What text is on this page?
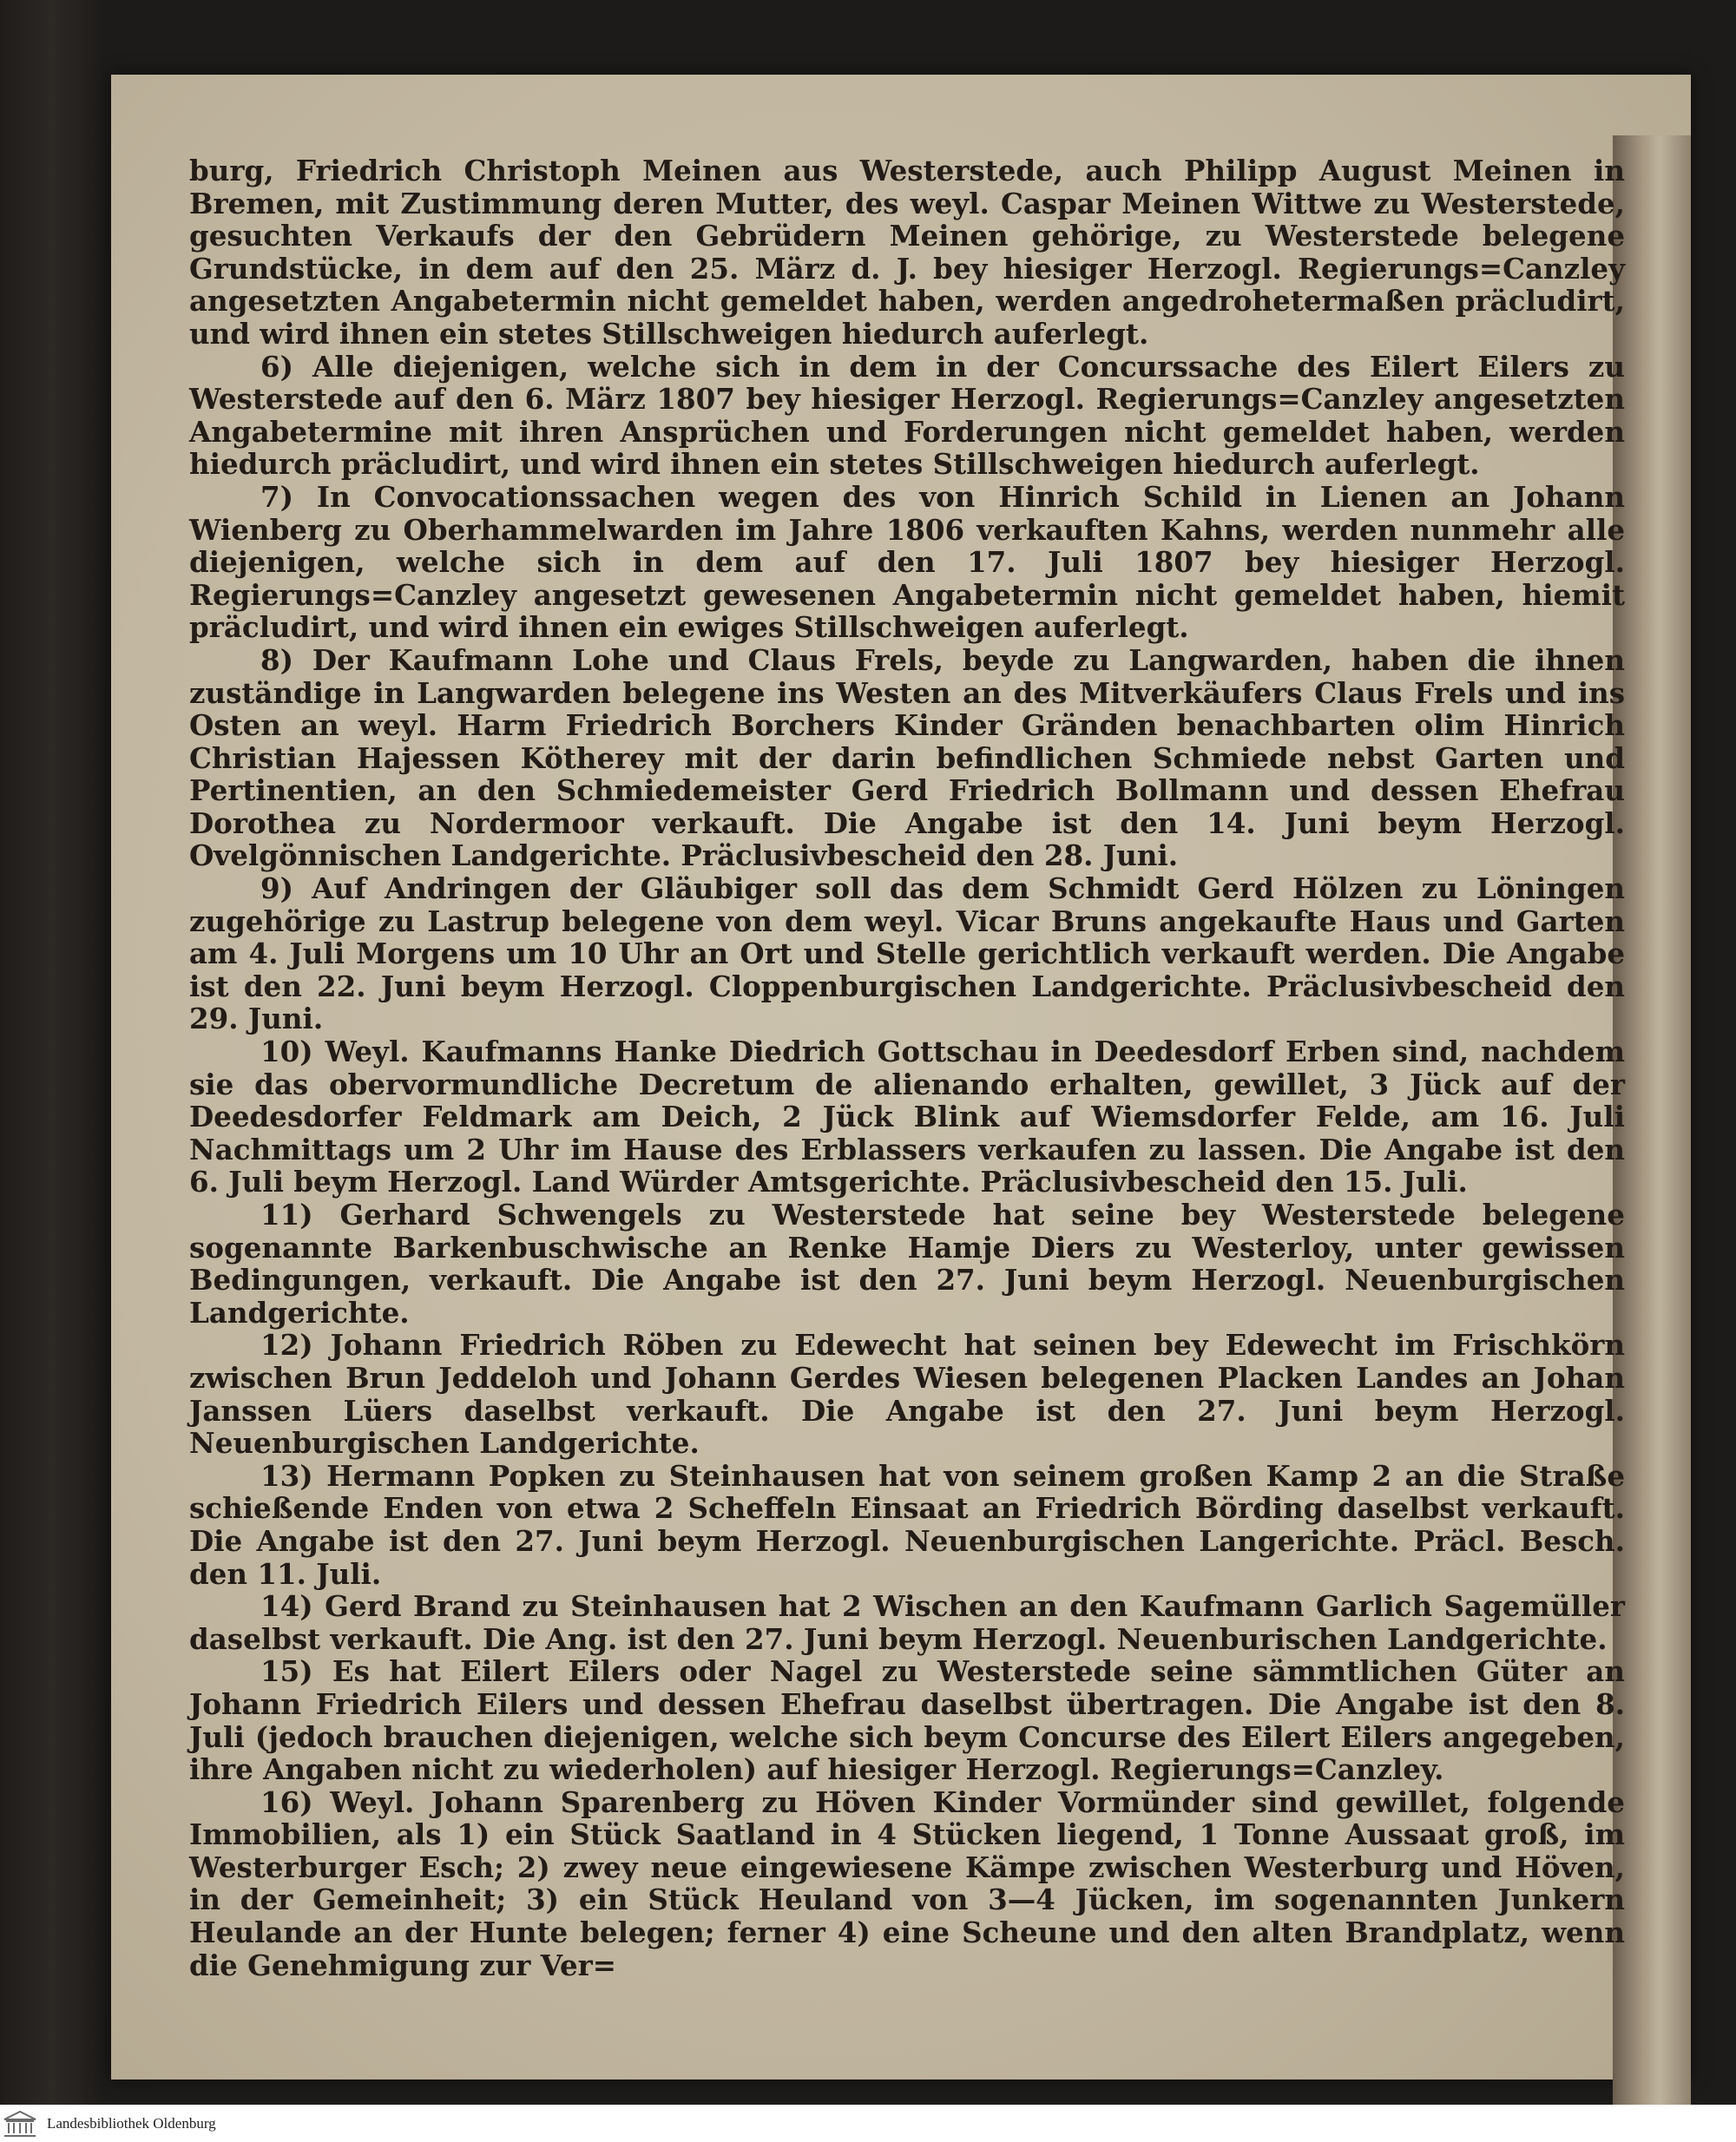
burg, Friedrich Christoph Meinen aus Westerstede, auch Philipp August Meinen in Bremen, mit Zustimmung deren Mutter, des weyl. Caspar Meinen Wittwe zu Westerstede, gesuchten Verkaufs der den Gebrüdern Meinen gehörige, zu Westerstede belegene Grundstücke, in dem auf den 25. März d. J. bey hiesiger Herzogl. Regierungs=Canzley angesetzten Angabetermin nicht gemeldet haben, werden angedrohetermaßen präcludirt, und wird ihnen ein stetes Stillschweigen hiedurch auferlegt.

6) Alle diejenigen, welche sich in dem in der Concurssache des Eilert Eilers zu Westerstede auf den 6. März 1807 bey hiesiger Herzogl. Regierungs=Canzley angesetzten Angabetermine mit ihren Ansprüchen und Forderungen nicht gemeldet haben, werden hiedurch präcludirt, und wird ihnen ein stetes Stillschweigen hiedurch auferlegt.

7) In Convocationssachen wegen des von Hinrich Schild in Lienen an Johann Wienberg zu Oberhammelwarden im Jahre 1806 verkauften Kahns, werden nunmehr alle diejenigen, welche sich in dem auf den 17. Juli 1807 bey hiesiger Herzogl. Regierungs=Canzley angesetzt gewesenen Angabetermin nicht gemeldet haben, hiemit präcludirt, und wird ihnen ein ewiges Stillschweigen auferlegt.

8) Der Kaufmann Lohe und Claus Frels, beyde zu Langwarden, haben die ihnen zuständige in Langwarden belegene ins Westen an des Mitverkäufers Claus Frels und ins Osten an weyl. Harm Friedrich Borchers Kinder Gränden benachbarten olim Hinrich Christian Hajessen Kötherey mit der darin befindlichen Schmiede nebst Garten und Pertinentien, an den Schmiedemeister Gerd Friedrich Bollmann und dessen Ehefrau Dorothea zu Nordermoor verkauft. Die Angabe ist den 14. Juni beym Herzogl. Ovelgönnischen Landgerichte. Präclusivbescheid den 28. Juni.

9) Auf Andringen der Gläubiger soll das dem Schmidt Gerd Hölzen zu Löningen zugehörige zu Lastrup belegene von dem weyl. Vicar Bruns angekaufte Haus und Garten am 4. Juli Morgens um 10 Uhr an Ort und Stelle gerichtlich verkauft werden. Die Angabe ist den 22. Juni beym Herzogl. Cloppenburgischen Landgerichte. Präclusivbescheid den 29. Juni.

10) Weyl. Kaufmanns Hanke Diedrich Gottschau in Deedesdorf Erben sind, nachdem sie das obervormundliche Decretum de alienando erhalten, gewillet, 3 Jück auf der Deedesdorfer Feldmark am Deich, 2 Jück Blink auf Wiemsdorfer Felde, am 16. Juli Nachmittags um 2 Uhr im Hause des Erblassers verkaufen zu lassen. Die Angabe ist den 6. Juli beym Herzogl. Land Würder Amtsgerichte. Präclusivbescheid den 15. Juli.

11) Gerhard Schwengels zu Westerstede hat seine bey Westerstede belegene sogenannte Barkenbuschwische an Renke Hamje Diers zu Westerloy, unter gewissen Bedingungen, verkauft. Die Angabe ist den 27. Juni beym Herzogl. Neuenburgischen Landgerichte.

12) Johann Friedrich Röben zu Edewecht hat seinen bey Edewecht im Frischkörn zwischen Brun Jeddeloh und Johann Gerdes Wiesen belegenen Placken Landes an Johan Janssen Lüers daselbst verkauft. Die Angabe ist den 27. Juni beym Herzogl. Neuenburgischen Landgerichte.

13) Hermann Popken zu Steinhausen hat von seinem großen Kamp 2 an die Straße schießende Enden von etwa 2 Scheffeln Einsaat an Friedrich Börding daselbst verkauft. Die Angabe ist den 27. Juni beym Herzogl. Neuenburgischen Langerichte. Präcl. Besch. den 11. Juli.

14) Gerd Brand zu Steinhausen hat 2 Wischen an den Kaufmann Garlich Sagemüller daselbst verkauft. Die Ang. ist den 27. Juni beym Herzogl. Neuenburischen Landgerichte.

15) Es hat Eilert Eilers oder Nagel zu Westerstede seine sämmtlichen Güter an Johann Friedrich Eilers und dessen Ehefrau daselbst übertragen. Die Angabe ist den 8. Juli (jedoch brauchen diejenigen, welche sich beym Concurse des Eilert Eilers angegeben, ihre Angaben nicht zu wiederholen) auf hiesiger Herzogl. Regierungs=Canzley.

16) Weyl. Johann Sparenberg zu Höven Kinder Vormünder sind gewillet, folgende Immobilien, als 1) ein Stück Saatland in 4 Stücken liegend, 1 Tonne Aussaat groß, im Westerburger Esch; 2) zwey neue eingewiesene Kämpe zwischen Westerburg und Höven, in der Gemeinheit; 3) ein Stück Heuland von 3—4 Jücken, im sogenannten Junkern Heulande an der Hunte belegen; ferner 4) eine Scheune und den alten Brandplatz, wenn die Genehmigung zur Ver=

Landesbibliothek Oldenburg
